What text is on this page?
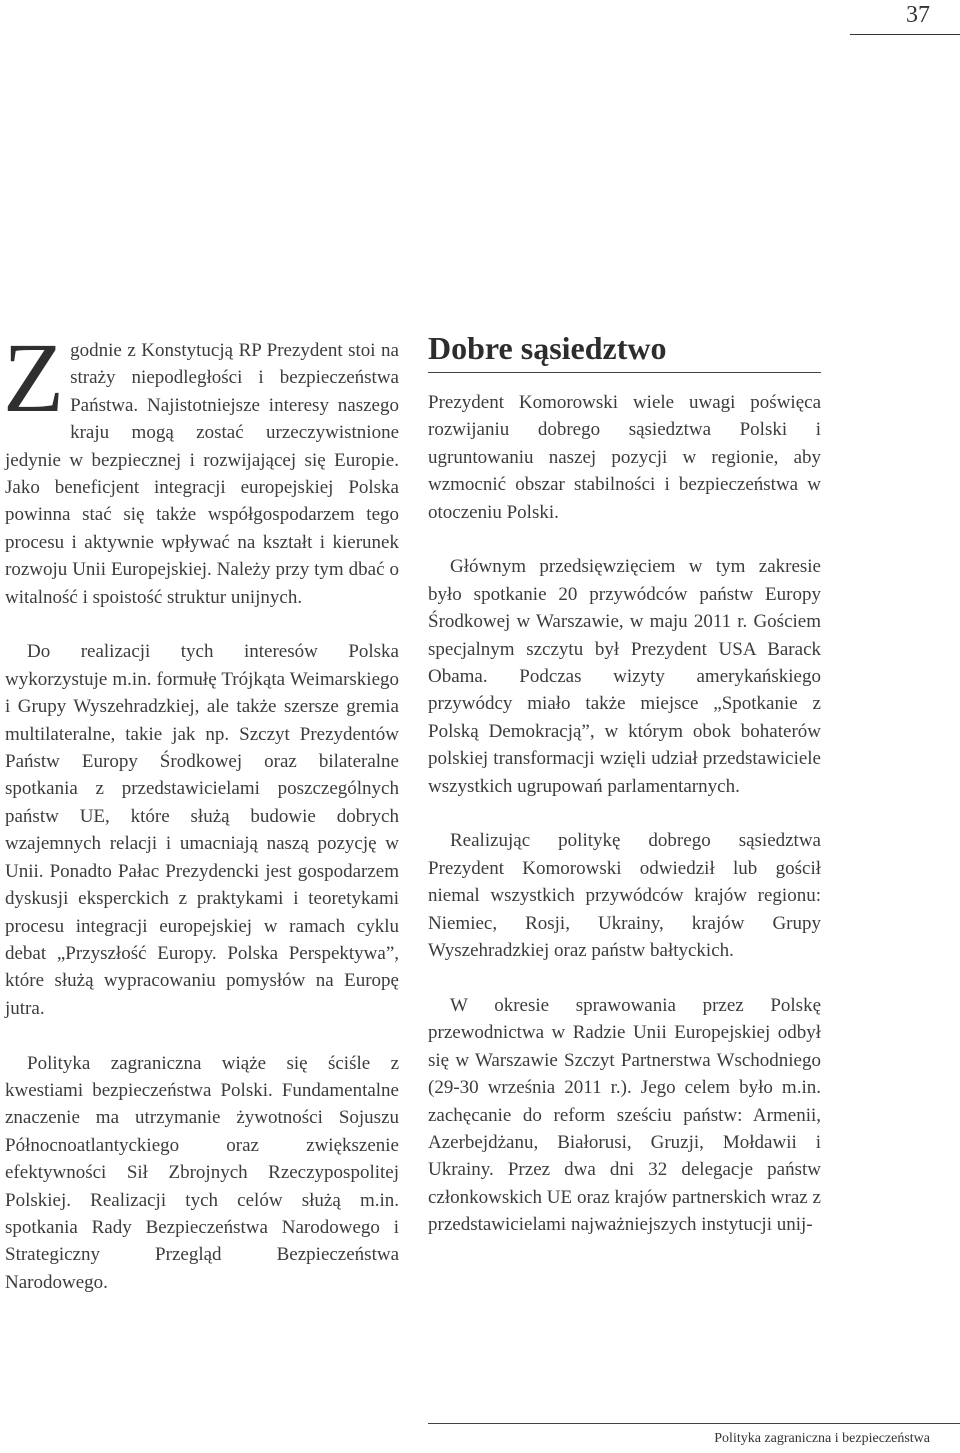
37

Zgodnie z Konstytucją RP Prezydent stoi na straży niepodległości i bezpieczeństwa Państwa. Najistotniejsze interesy naszego kraju mogą zostać urzeczywistnione jedynie w bezpiecznej i rozwijającej się Europie. Jako beneficjent integracji europejskiej Polska powinna stać się także współgospodarzem tego procesu i aktywnie wpływać na kształt i kierunek rozwoju Unii Europejskiej. Należy przy tym dbać o witalność i spoistość struktur unijnych.

Do realizacji tych interesów Polska wykorzystuje m.in. formułę Trójkąta Weimarskiego i Grupy Wyszehradzkiej, ale także szersze gremia multilateralne, takie jak np. Szczyt Prezydentów Państw Europy Środkowej oraz bilateralne spotkania z przedstawicielami poszczególnych państw UE, które służą budowie dobrych wzajemnych relacji i umacniają naszą pozycję w Unii. Ponadto Pałac Prezydencki jest gospodarzem dyskusji eksperckich z praktykami i teoretykami procesu integracji europejskiej w ramach cyklu debat „Przyszłość Europy. Polska Perspektywa”, które służą wypracowaniu pomysłów na Europę jutra.

Polityka zagraniczna wiąże się ściśle z kwestiami bezpieczeństwa Polski. Fundamentalne znaczenie ma utrzymanie żywotności Sojuszu Północnoatlantyckiego oraz zwiększenie efektywności Sił Zbrojnych Rzeczypospolitej Polskiej. Realizacji tych celów służą m.in. spotkania Rady Bezpieczeństwa Narodowego i Strategiczny Przegląd Bezpieczeństwa Narodowego.

Dobre sąsiedztwo

Prezydent Komorowski wiele uwagi poświęca rozwijaniu dobrego sąsiedztwa Polski i ugruntowaniu naszej pozycji w regionie, aby wzmocnić obszar stabilności i bezpieczeństwa w otoczeniu Polski.

Głównym przedsięwzięciem w tym zakresie było spotkanie 20 przywódców państw Europy Środkowej w Warszawie, w maju 2011 r. Gościem specjalnym szczytu był Prezydent USA Barack Obama. Podczas wizyty amerykańskiego przywódcy miało także miejsce „Spotkanie z Polską Demokracją”, w którym obok bohaterów polskiej transformacji wzięli udział przedstawiciele wszystkich ugrupowań parlamentarnych.

Realizując politykę dobrego sąsiedztwa Prezydent Komorowski odwiedził lub gościł niemal wszystkich przywódców krajów regionu: Niemiec, Rosji, Ukrainy, krajów Grupy Wyszehradzkiej oraz państw bałtyckich.

W okresie sprawowania przez Polskę przewodnictwa w Radzie Unii Europejskiej odbył się w Warszawie Szczyt Partnerstwa Wschodniego (29-30 września 2011 r.). Jego celem było m.in. zachęcanie do reform sześciu państw: Armenii, Azerbejdżanu, Białorusi, Gruzji, Mołdawii i Ukrainy. Przez dwa dni 32 delegacje państw członkowskich UE oraz krajów partnerskich wraz z przedstawicielami najważniejszych instytucji unij-

Polityka zagraniczna i bezpieczeństwa
